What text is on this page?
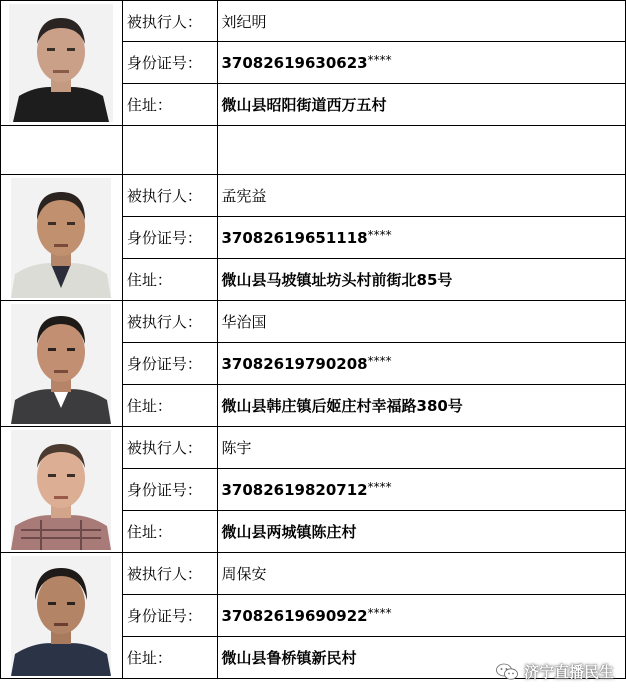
	被执行人：	刘纪明
	身份证号：	37082619630623****
	住址：	微山县昭阳街道西万五村

	被执行人：	孟宪益
	身份证号：	37082619651118****
	住址：	微山县马坡镇址坊头村前街北85号

	被执行人：	华治国
	身份证号：	37082619790208****
	住址：	微山县韩庄镇后姬庄村幸福路380号

	被执行人：	陈宇
	身份证号：	37082619820712****
	住址：	微山县两城镇陈庄村

	被执行人：	周保安
	身份证号：	37082619690922****
	住址：	微山县鲁桥镇新民村
济宁直播民生
